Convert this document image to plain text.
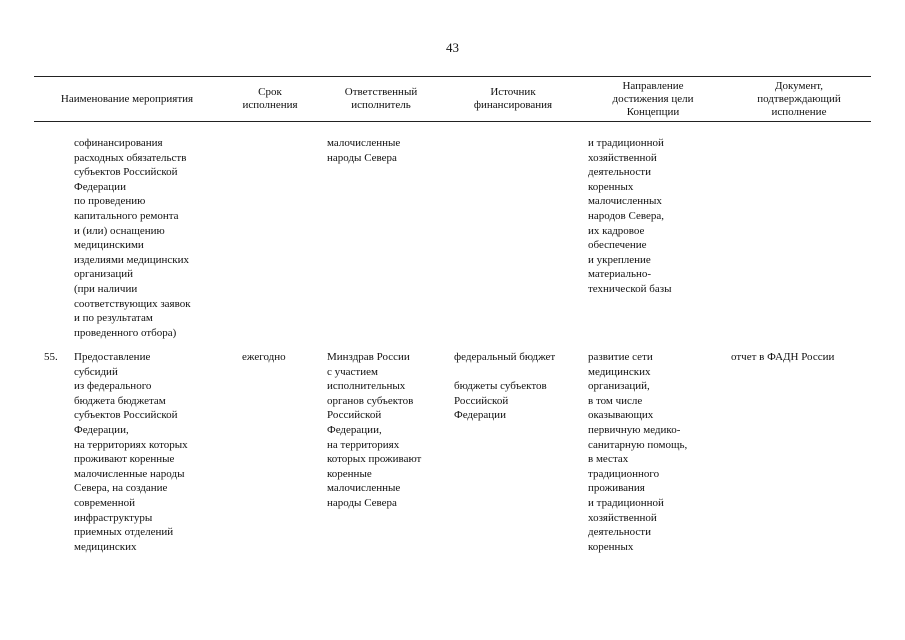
43
Наименование мероприятия
Срок
исполнения
Ответственный
исполнитель
Источник
финансирования
Направление
достижения цели
Концепции
Документ,
подтверждающий
исполнение
софинансирования
расходных обязательств
субъектов Российской
Федерации
по проведению
капитального ремонта
и (или) оснащению
медицинскими
изделиями медицинских
организаций
(при наличии
соответствующих заявок
и по результатам
проведенного отбора)
малочисленные
народы Севера
и традиционной
хозяйственной
деятельности
коренных
малочисленных
народов Севера,
их кадровое
обеспечение
и укрепление
материально-
технической базы
55. Предоставление
субсидий
из федерального
бюджета бюджетам
субъектов Российской
Федерации,
на территориях которых
проживают коренные
малочисленные народы
Севера, на создание
современной
инфраструктуры
приемных отделений
медицинских
ежегодно	Минздрав России
с участием
исполнительных
органов субъектов
Российской
Федерации,
на территориях
которых проживают
коренные
малочисленные
народы Севера
федеральный бюджет

бюджеты субъектов
Российской
Федерации
развитие сети
медицинских
организаций,
в том числе
оказывающих
первичную медико-
санитарную помощь,
в местах
традиционного
проживания
и традиционной
хозяйственной
деятельности
коренных
отчет в ФАДН России
